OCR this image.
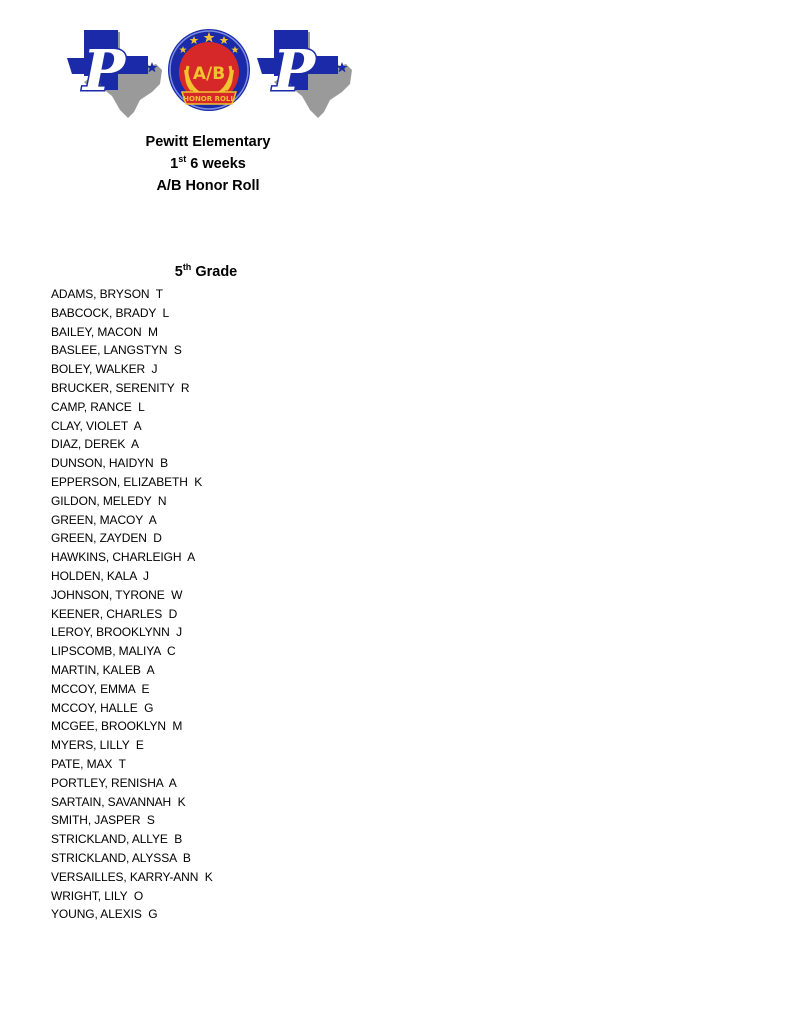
P	A/B
HONOR ROLL P
Pewitt Elementary
1st 6 weeks
A/B Honor Roll
5th Grade
ADAMS, BRYSON  T
BABCOCK, BRADY  L
BAILEY, MACON  M
BASLEE, LANGSTYN  S
BOLEY, WALKER  J
BRUCKER, SERENITY  R
CAMP, RANCE  L
CLAY, VIOLET  A
DIAZ, DEREK  A
DUNSON, HAIDYN  B
EPPERSON, ELIZABETH  K
GILDON, MELEDY  N
GREEN, MACOY  A
GREEN, ZAYDEN  D
HAWKINS, CHARLEIGH  A
HOLDEN, KALA  J
JOHNSON, TYRONE  W
KEENER, CHARLES  D
LEROY, BROOKLYNN  J
LIPSCOMB, MALIYA  C
MARTIN, KALEB  A
MCCOY, EMMA  E
MCCOY, HALLE  G
MCGEE, BROOKLYN  M
MYERS, LILLY  E
PATE, MAX  T
PORTLEY, RENISHA  A
SARTAIN, SAVANNAH  K
SMITH, JASPER  S
STRICKLAND, ALLYE  B
STRICKLAND, ALYSSA  B
VERSAILLES, KARRY-ANN  K
WRIGHT, LILY  O
YOUNG, ALEXIS  G
